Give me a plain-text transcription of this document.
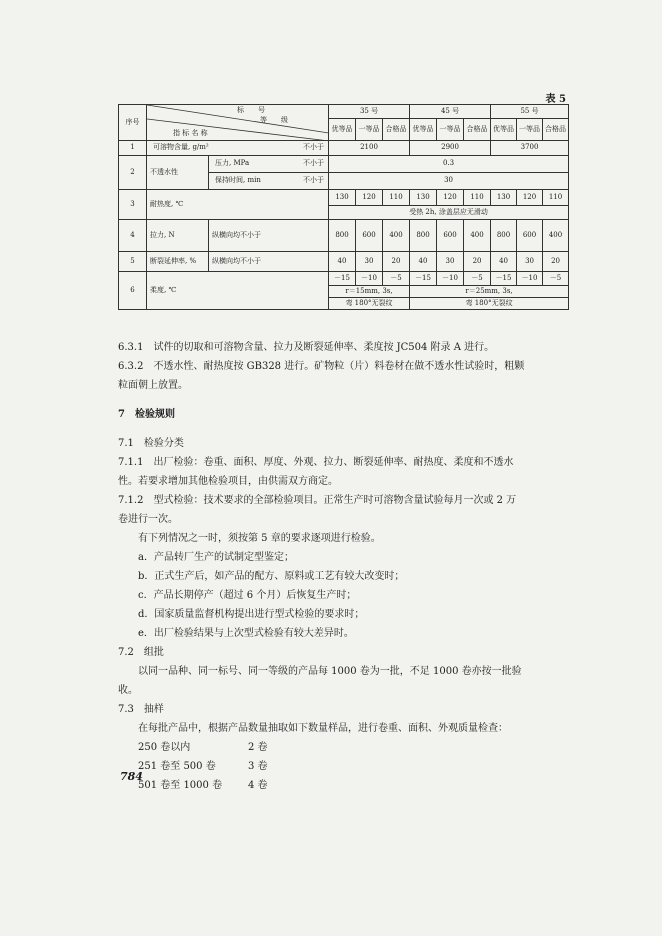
表 5
序号	标　　号
等　　级
指 标 名 称		35 号			45 号			55 号		
			优等品	一等品	合格品	优等品	一等品	合格品	优等品	一等品	合格品
1	可溶物含量, g/m² 不小于		2100			2900			3700		
2	不透水性	压力, MPa 不小于	0.3								

		保持时间, min 不小于	30								
3	耐热度, ℃		130	120	110	130	120	110	130	120	110
			受热 2h, 涂盖层应无滑动								
4	拉力, N	纵横向均不小于	800	600	400	800	600	400	800	600	400
5	断裂延伸率, %	纵横向均不小于	40	30	20	40	30	20	40	30	20
6	柔度, ℃		－15	－10	－5	－15	－10	－5	－15	－10	－5
			r＝15mm, 3s,			r＝25mm, 3s,					
			弯 180°无裂纹			弯 180°无裂纹					

6.3.1　试件的切取和可溶物含量、拉力及断裂延伸率、柔度按 JC504 附录 A 进行。

6.3.2　不透水性、耐热度按 GB328 进行。矿物粒（片）料卷材在做不透水性试验时，粗颗

粒面朝上放置。

7　检验规则

7.1　检验分类

7.1.1　出厂检验：卷重、面积、厚度、外观、拉力、断裂延伸率、耐热度、柔度和不透水

性。若要求增加其他检验项目，由供需双方商定。

7.1.2　型式检验：技术要求的全部检验项目。正常生产时可溶物含量试验每月一次或 2 万

卷进行一次。

有下列情况之一时，须按第 5 章的要求逐项进行检验。

a．产品转厂生产的试制定型鉴定；

b．正式生产后，如产品的配方、原料或工艺有较大改变时；

c．产品长期停产（超过 6 个月）后恢复生产时；

d．国家质量监督机构提出进行型式检验的要求时；

e．出厂检验结果与上次型式检验有较大差异时。

7.2　组批

以同一品种、同一标号、同一等级的产品每 1000 卷为一批，不足 1000 卷亦按一批验

收。

7.3　抽样

在每批产品中，根据产品数量抽取如下数量样品，进行卷重、面积、外观质量检查：

250 卷以内	2 卷
251 卷至 500 卷	3 卷
501 卷至 1000 卷	4 卷
784
